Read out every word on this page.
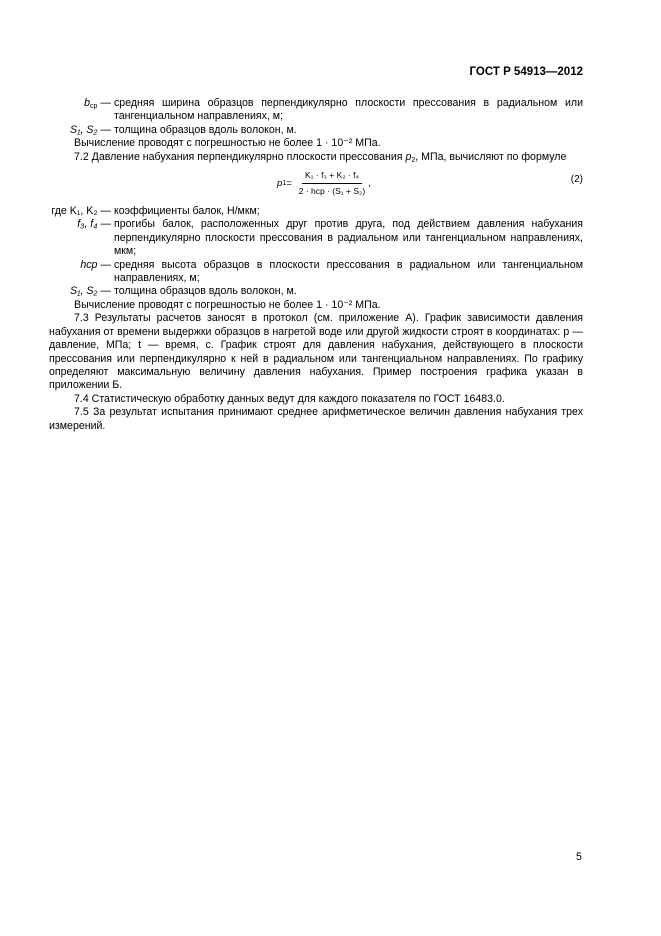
ГОСТ Р 54913—2012
$b_{ср}$ — средняя ширина образцов перпендикулярно плоскости прессования в радиальном или тангенциальном направлениях, м;
S₁, S₂ — толщина образцов вдоль волокон, м.

Вычисление проводят с погрешностью не более 1 · 10⁻² МПа.

7.2 Давление набухания перпендикулярно плоскости прессования $p_2$, МПа, вычисляют по формуле

p $1 = \frac{\text{K₁ · f₃ + K₂ · f₄}}{\text{2 · hср · (S₁ + S₂)}}$ ,	(2)
где K₁, K₂ — коэффициенты балок, Н/мкм;
f₃, f₄ — прогибы балок, расположенных друг против друга, под действием давления набухания перпендикулярно плоскости прессования в радиальном или тангенциальном направлениях, мкм;
hср — средняя высота образцов в плоскости прессования в радиальном или тангенциальном направлениях, м;
S₁, S₂ — толщина образцов вдоль волокон, м.

Вычисление проводят с погрешностью не более 1 · 10⁻² МПа.

7.3 Результаты расчетов заносят в протокол (см. приложение А). График зависимости давления набухания от времени выдержки образцов в нагретой воде или другой жидкости строят в координатах: p — давление, МПа; t — время, с. График строят для давления набухания, действующего в плоскости прессования или перпендикулярно к ней в радиальном или тангенциальном направлениях. По графику определяют максимальную величину давления набухания. Пример построения графика указан в приложении Б.

7.4 Статистическую обработку данных ведут для каждого показателя по ГОСТ 16483.0.

7.5 За результат испытания принимают среднее арифметическое величин давления набухания трех измерений.

5
